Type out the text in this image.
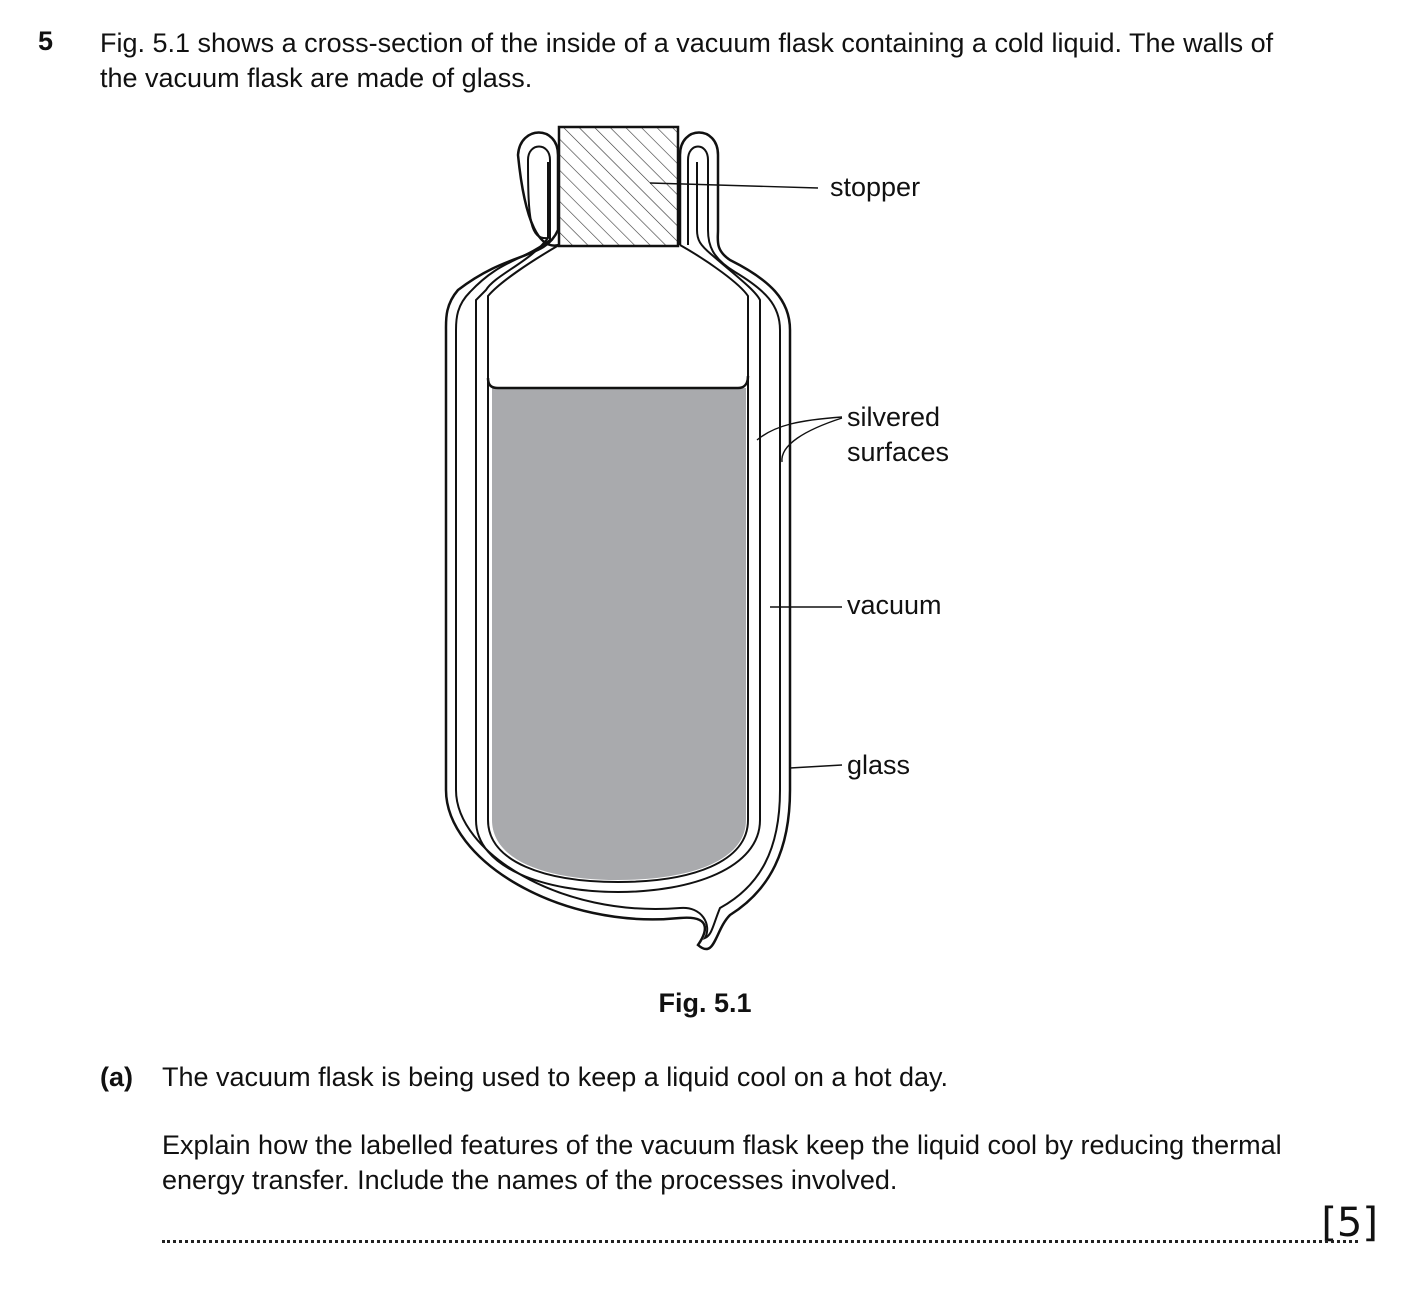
5 Fig. 5.1 shows a cross-section of the inside of a vacuum flask containing a cold liquid. The walls of
the vacuum flask are made of glass.
stopper
silvered
surfaces
vacuum
glass
Fig. 5.1
(a) The vacuum flask is being used to keep a liquid cool on a hot day.
Explain how the labelled features of the vacuum flask keep the liquid cool by reducing thermal
energy transfer. Include the names of the processes involved.
[5]
